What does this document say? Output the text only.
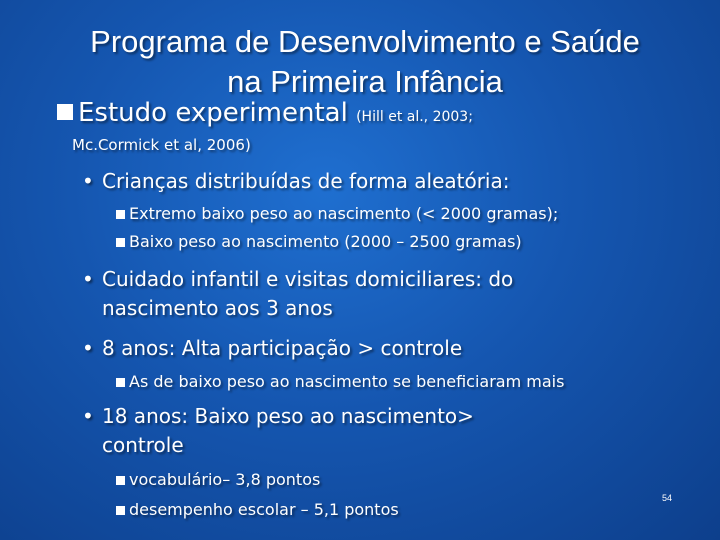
Programa de Desenvolvimento e Saúde
na Primeira Infância
Estudo experimental (Hill et al., 2003;
Mc.Cormick et al, 2006)
• Crianças distribuídas de forma aleatória:
Extremo baixo peso ao nascimento (< 2000 gramas);
Baixo peso ao nascimento (2000 – 2500 gramas)
• Cuidado infantil e visitas domiciliares: do
nascimento aos 3 anos
• 8 anos: Alta participação > controle
As de baixo peso ao nascimento se beneficiaram mais
• 18 anos: Baixo peso ao nascimento>
controle
vocabulário– 3,8 pontos
desempenho escolar – 5,1 pontos
54
